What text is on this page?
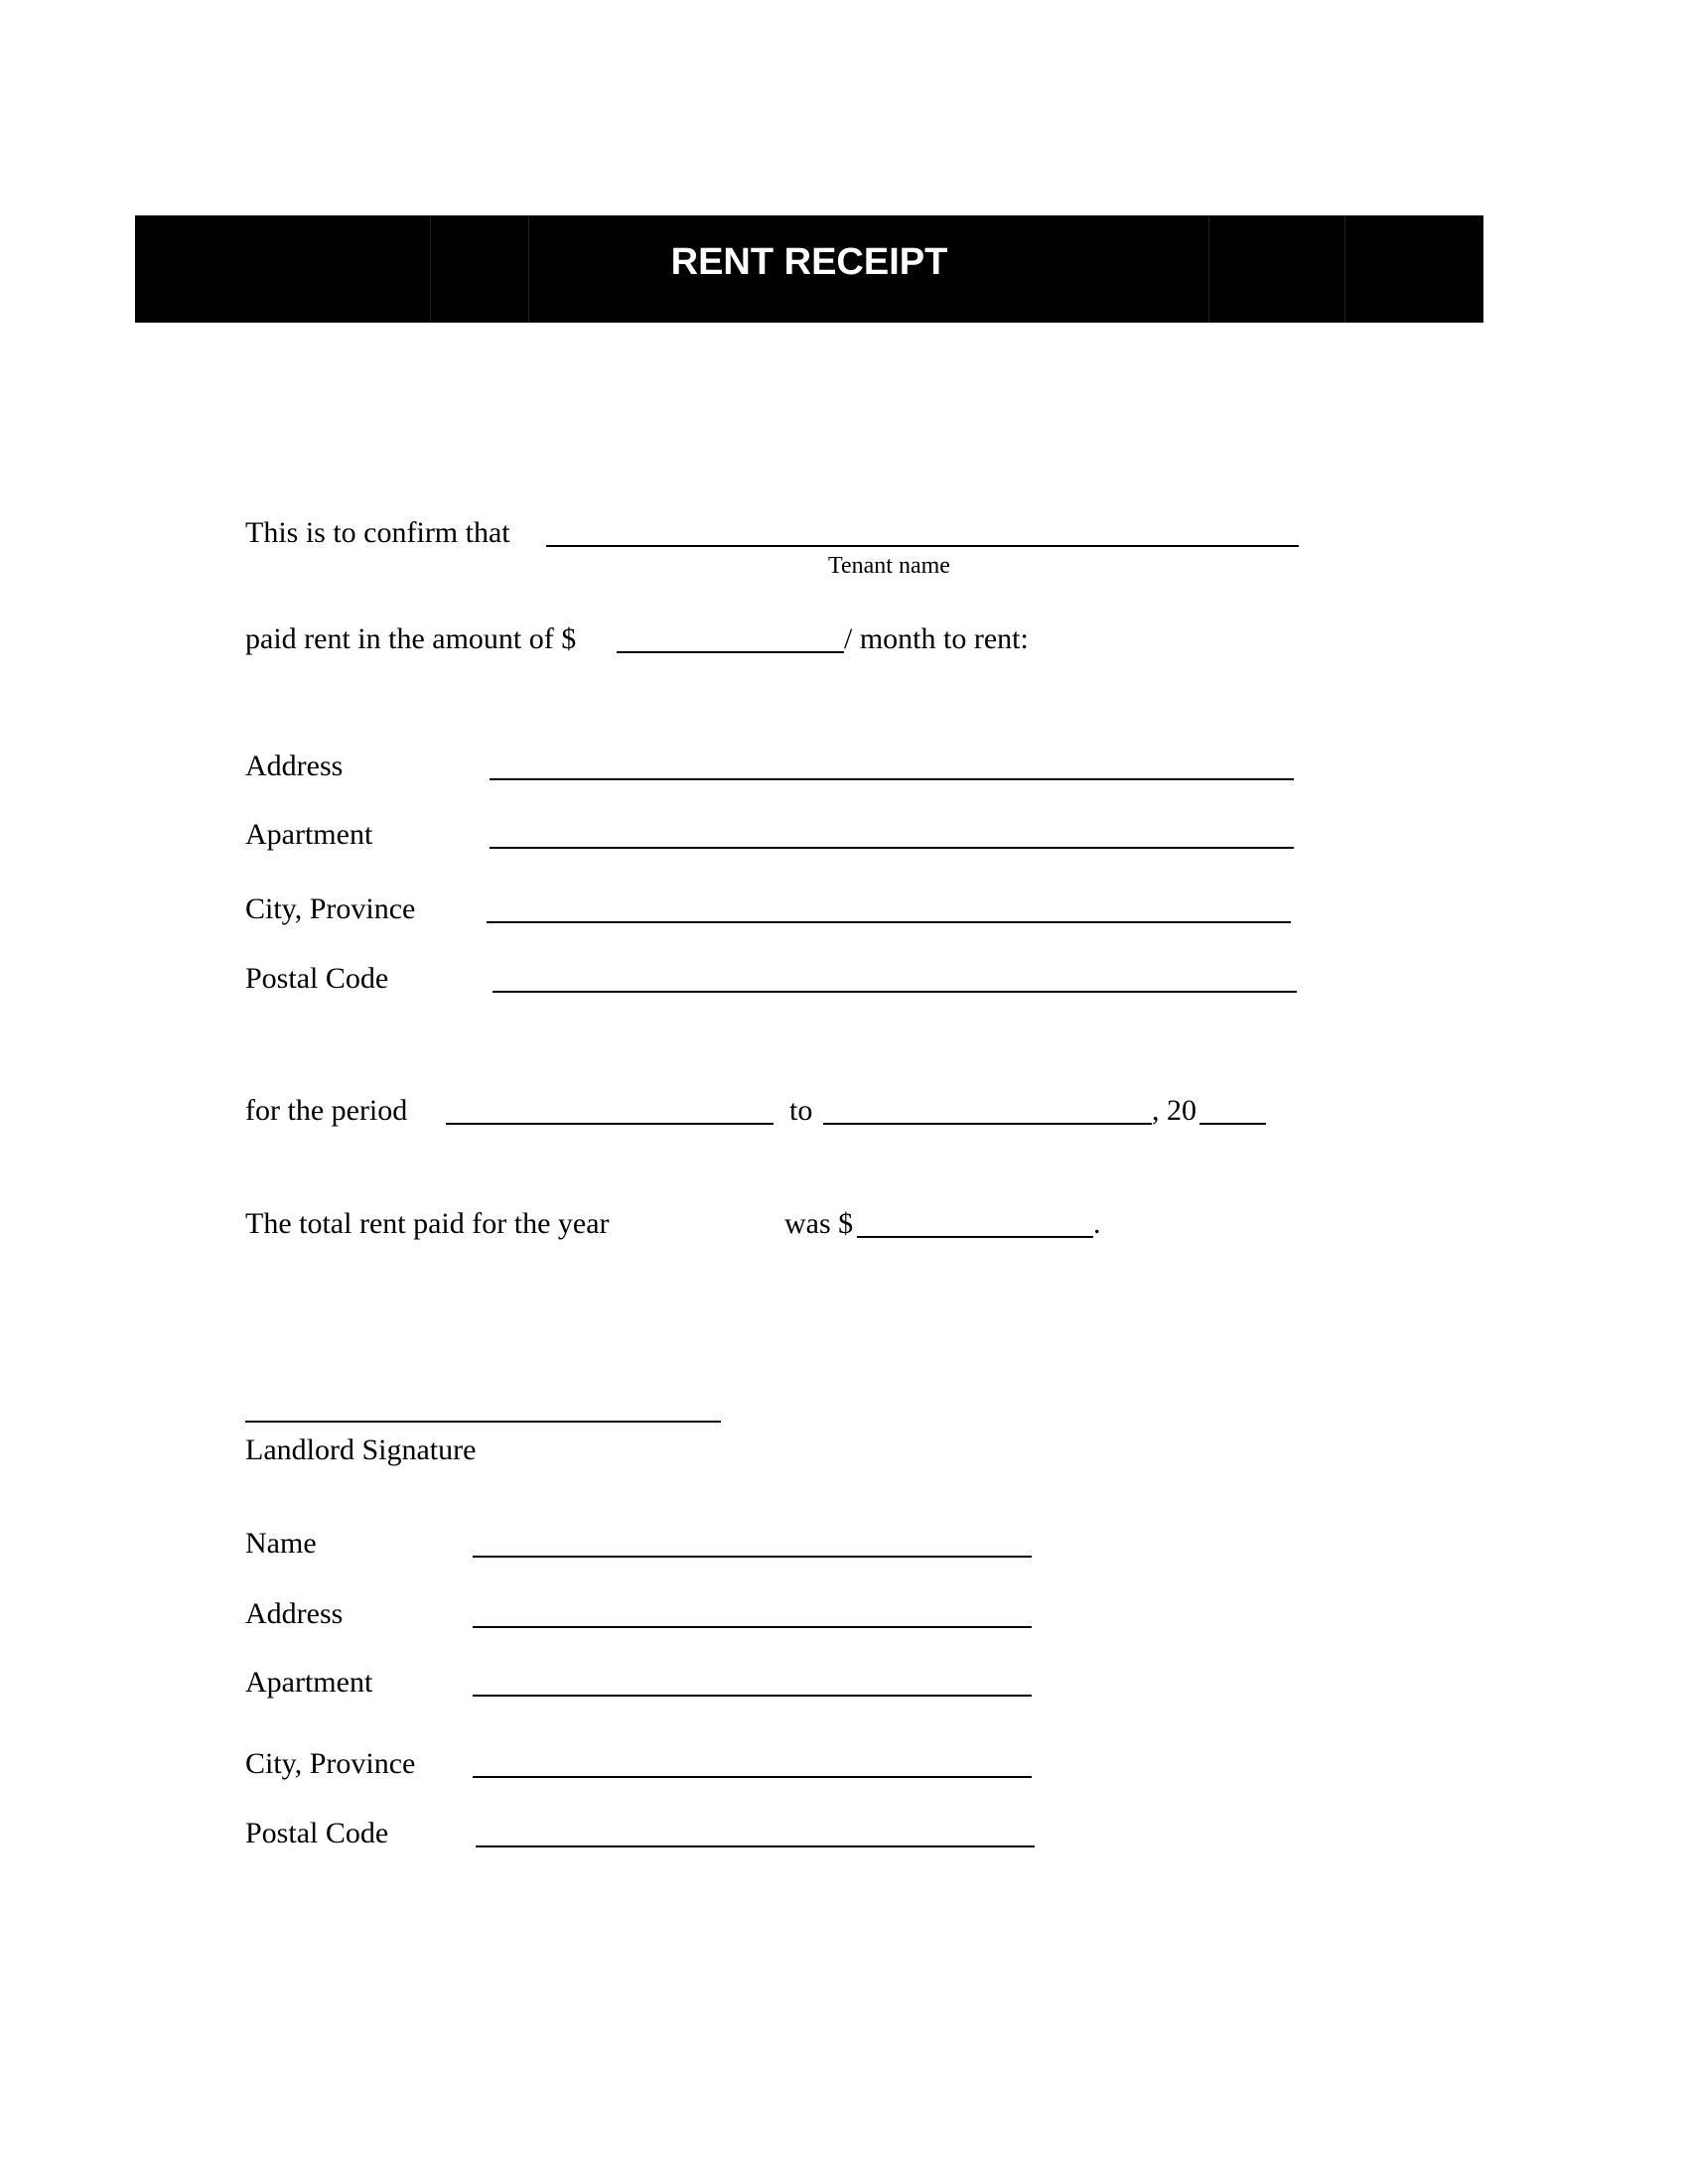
RENT RECEIPT
This is to confirm that
Tenant name
paid rent in the amount of $	/ month to rent:
Address
Apartment
City, Province
Postal Code
for the period	to	, 20
The total rent paid for the year	was $	.
Landlord Signature
Name
Address
Apartment
City, Province
Postal Code
